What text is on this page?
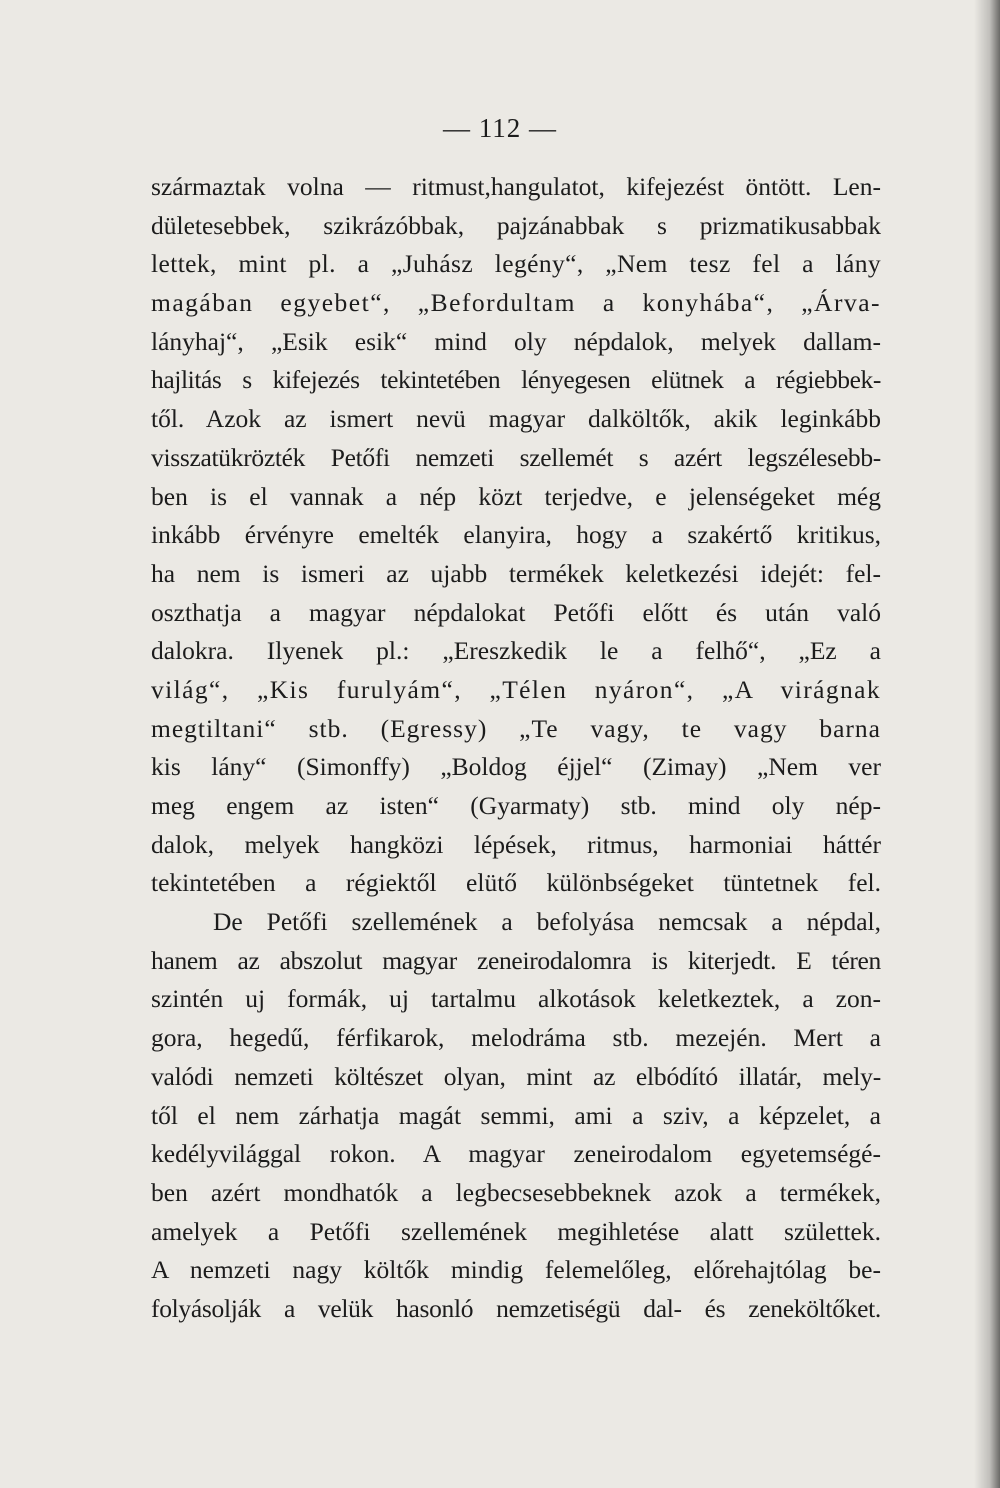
— 112 —
származtak volna — ritmust,hangulatot, kifejezést öntött. Len-
dületesebbek, szikrázóbbak, pajzánabbak s prizmatikusabbak
lettek, mint pl. a „Juhász legény“, „Nem tesz fel a lány
magában egyebet“, „Befordultam a konyhába“, „Árva-
lányhaj“, „Esik esik“ mind oly népdalok, melyek dallam-
hajlitás s kifejezés tekintetében lényegesen elütnek a régiebbek-
től. Azok az ismert nevü magyar dalköltők, akik leginkább
visszatükrözték Petőfi nemzeti szellemét s azért legszélesebb-
ben is el vannak a nép közt terjedve, e jelenségeket még
inkább érvényre emelték elanyira, hogy a szakértő kritikus,
ha nem is ismeri az ujabb termékek keletkezési idejét: fel-
oszthatja a magyar népdalokat Petőfi előtt és után való
dalokra. Ilyenek pl.: „Ereszkedik le a felhő“, „Ez a
világ“, „Kis furulyám“, „Télen nyáron“, „A virágnak
megtiltani“ stb. (Egressy) „Te vagy, te vagy barna
kis lány“ (Simonffy) „Boldog éjjel“ (Zimay) „Nem ver
meg engem az isten“ (Gyarmaty) stb. mind oly nép-
dalok, melyek hangközi lépések, ritmus, harmoniai háttér
tekintetében a régiektől elütő különbségeket tüntetnek fel.
De Petőfi szellemének a befolyása nemcsak a népdal,
hanem az abszolut magyar zeneirodalomra is kiterjedt. E téren
szintén uj formák, uj tartalmu alkotások keletkeztek, a zon-
gora, hegedű, férfikarok, melodráma stb. mezején. Mert a
valódi nemzeti költészet olyan, mint az elbódító illatár, mely-
től el nem zárhatja magát semmi, ami a sziv, a képzelet, a
kedélyvilággal rokon. A magyar zeneirodalom egyetemségé-
ben azért mondhatók a legbecsesebbeknek azok a termékek,
amelyek a Petőfi szellemének megihletése alatt születtek.
A nemzeti nagy költők mindig felemelőleg, előrehajtólag be-
folyásolják a velük hasonló nemzetiségü dal- és zeneköltőket.
